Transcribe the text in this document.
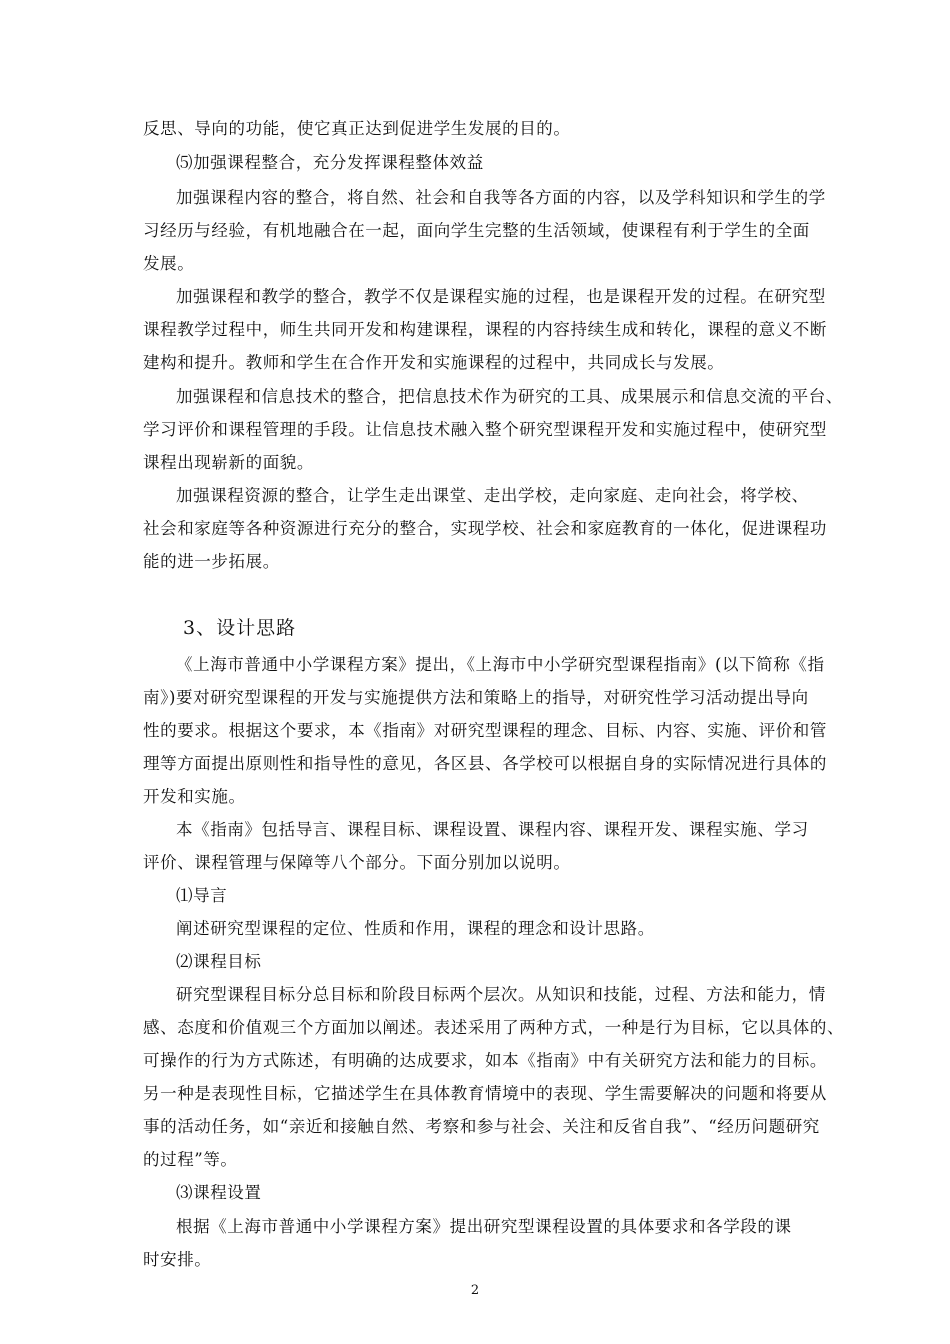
反思、导向的功能，使它真正达到促进学生发展的目的。
⑸加强课程整合，充分发挥课程整体效益
加强课程内容的整合，将自然、社会和自我等各方面的内容，以及学科知识和学生的学
习经历与经验，有机地融合在一起，面向学生完整的生活领域，使课程有利于学生的全面
发展。
加强课程和教学的整合，教学不仅是课程实施的过程，也是课程开发的过程。在研究型
课程教学过程中，师生共同开发和构建课程，课程的内容持续生成和转化，课程的意义不断
建构和提升。教师和学生在合作开发和实施课程的过程中，共同成长与发展。
加强课程和信息技术的整合，把信息技术作为研究的工具、成果展示和信息交流的平台、
学习评价和课程管理的手段。让信息技术融入整个研究型课程开发和实施过程中，使研究型
课程出现崭新的面貌。
加强课程资源的整合，让学生走出课堂、走出学校，走向家庭、走向社会，将学校、
社会和家庭等各种资源进行充分的整合，实现学校、社会和家庭教育的一体化，促进课程功
能的进一步拓展。
3、设计思路
《上海市普通中小学课程方案》提出，《上海市中小学研究型课程指南》(以下简称《指
南》)要对研究型课程的开发与实施提供方法和策略上的指导，对研究性学习活动提出导向
性的要求。根据这个要求，本《指南》对研究型课程的理念、目标、内容、实施、评价和管
理等方面提出原则性和指导性的意见，各区县、各学校可以根据自身的实际情况进行具体的
开发和实施。
本《指南》包括导言、课程目标、课程设置、课程内容、课程开发、课程实施、学习
评价、课程管理与保障等八个部分。下面分别加以说明。
⑴导言
阐述研究型课程的定位、性质和作用，课程的理念和设计思路。
⑵课程目标
研究型课程目标分总目标和阶段目标两个层次。从知识和技能，过程、方法和能力，情
感、态度和价值观三个方面加以阐述。表述采用了两种方式，一种是行为目标，它以具体的、
可操作的行为方式陈述，有明确的达成要求，如本《指南》中有关研究方法和能力的目标。
另一种是表现性目标，它描述学生在具体教育情境中的表现、学生需要解决的问题和将要从
事的活动任务，如“亲近和接触自然、考察和参与社会、关注和反省自我”、“经历问题研究
的过程”等。
⑶课程设置
根据《上海市普通中小学课程方案》提出研究型课程设置的具体要求和各学段的课
时安排。
2
